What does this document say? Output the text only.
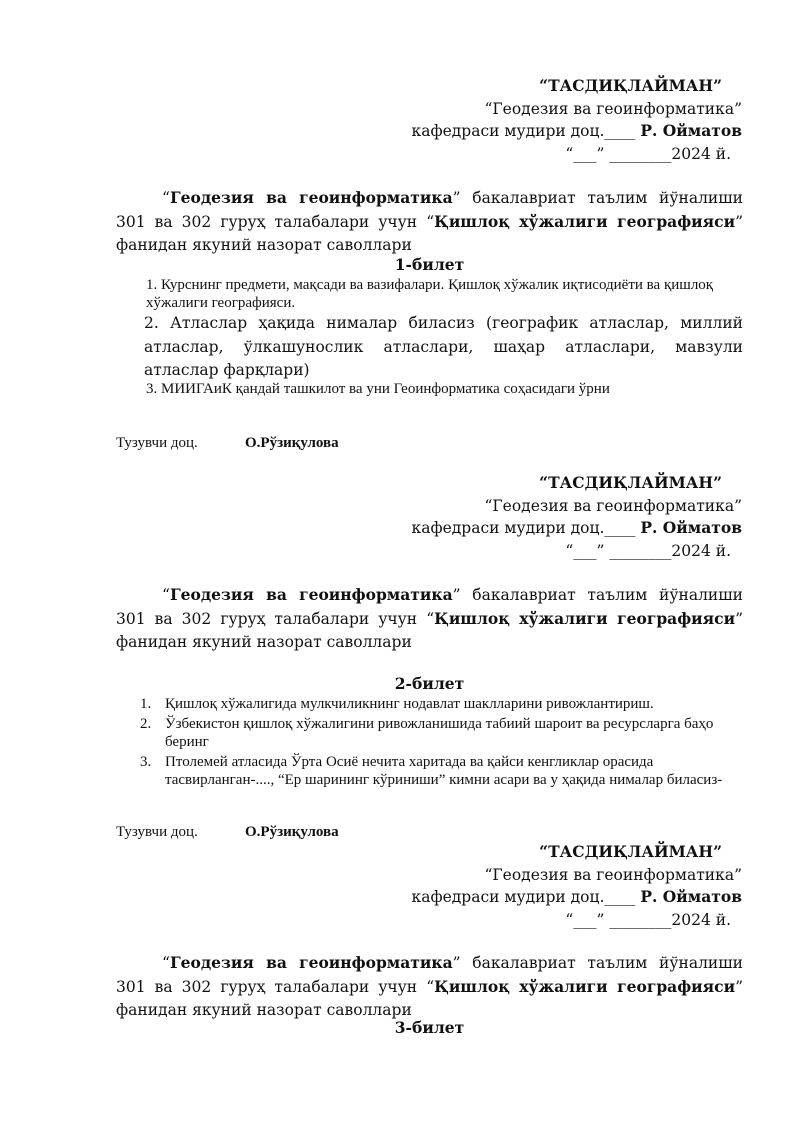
“ТАСДИҚЛАЙМАН”
“Геодезия ва геоинформатика”
кафедраси мудири доц.____ Р. Ойматов
“___” ________2024 й.
“Геодезия ва геоинформатика” бакалавриат таълим йўналиши 301 ва 302 гуруҳ талабалари учун “Қишлоқ хўжалиги географияси” фанидан якуний назорат саволлари
1-билет
1. Курснинг предмети, мақсади ва вазифалари. Қишлоқ хўжалик иқтисодиёти ва қишлоқ хўжалиги географияси.
2. Атласлар ҳақида нималар биласиз (географик атласлар, миллий атласлар, ўлкашунослик атласлари, шаҳар атласлари, мавзули атласлар фарқлари)
3. МИИГАиК қандай ташкилот ва уни Геоинформатика соҳасидаги ўрни
Тузувчи доц.	О.Рўзиқулова
“ТАСДИҚЛАЙМАН”
“Геодезия ва геоинформатика”
кафедраси мудири доц.____ Р. Ойматов
“___” ________2024 й.
“Геодезия ва геоинформатика” бакалавриат таълим йўналиши 301 ва 302 гуруҳ талабалари учун “Қишлоқ хўжалиги географияси” фанидан якуний назорат саволлари
2-билет
1. Қишлоқ хўжалигида мулкчиликнинг нодавлат шаклларини ривожлантириш.
2. Ўзбекистон қишлоқ хўжалигини ривожланишида табиий шароит ва ресурсларга баҳо беринг
3. Птолемей атласида Ўрта Осиё нечита харитада ва қайси кенгликлар орасида тасвирланган-...., “Ер шарининг кўриниши” кимни асари ва у ҳақида нималар биласиз-
Тузувчи доц.	О.Рўзиқулова
“ТАСДИҚЛАЙМАН”
“Геодезия ва геоинформатика”
кафедраси мудири доц.____ Р. Ойматов
“___” ________2024 й.
“Геодезия ва геоинформатика” бакалавриат таълим йўналиши 301 ва 302 гуруҳ талабалари учун “Қишлоқ хўжалиги географияси” фанидан якуний назорат саволлари
3-билет
